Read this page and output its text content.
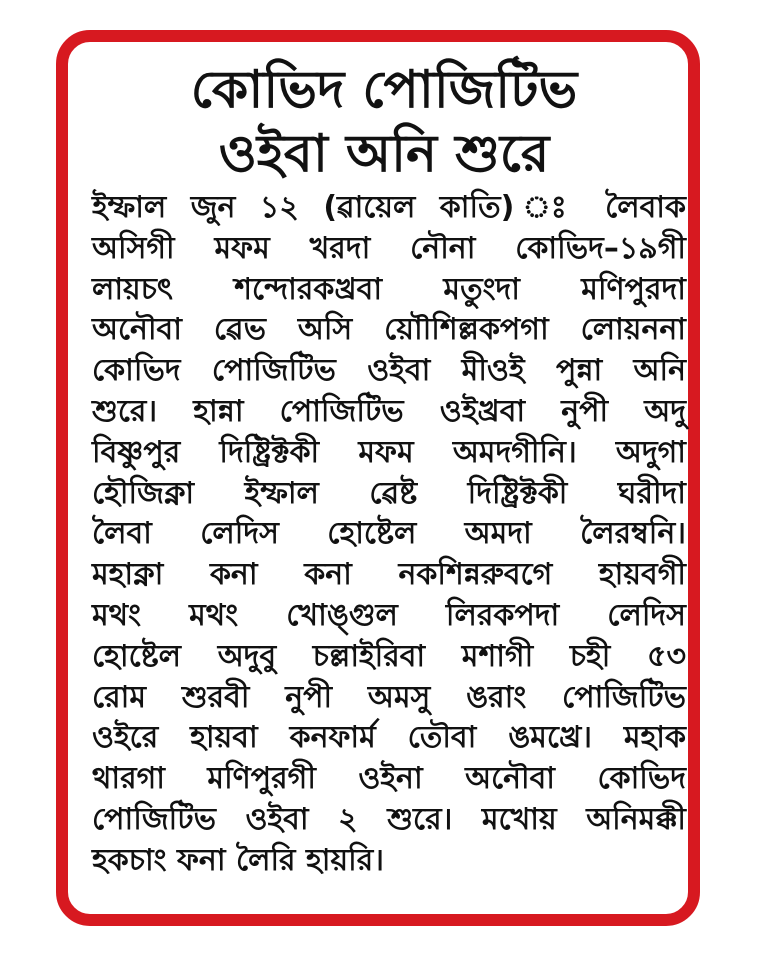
কোভিদ পোজিটিভ
ওইবা অনি শুরে
ইম্ফাল জুন ১২ (ৱায়েল কাতি) ঃ লৈবাক
অসিগী মফম খরদা নৌনা কোভিদ–১৯গী
লায়চৎ শন্দোরকখ্রবা মতুংদা মণিপুরদা
অনৌবা ৱেভ অসি য়োৗশিল্লকপগা লোয়ননা
কোভিদ পোজিটিভ ওইবা মীওই পুন্না অনি
শুরে। হান্না পোজিটিভ ওইখ্রবা নুপী অদু
বিষ্ণুপুর দিষ্ট্রিক্টকী মফম অমদগীনি। অদুগা
হৌজিক্না ইম্ফাল ৱেষ্ট দিষ্ট্রিক্টকী ঘরীদা
লৈবা লেদিস হোষ্টেল অমদা লৈরম্বনি।
মহাক্না কনা কনা নকশিন্নরুবগে হায়বগী
মথং মথং খোঙ্গুল লিরকপদা লেদিস
হোষ্টেল অদুবু চল্লাইরিবা মশাগী চহী ৫৩
রোম শুরবী নুপী অমসু ঙরাং পোজিটিভ
ওইরে হায়বা কনফার্ম তৌবা ঙমখ্রে। মহাক
থারগা মণিপুরগী ওইনা অনৌবা কোভিদ
পোজিটিভ ওইবা ২ শুরে। মখোয় অনিমক্কী
হকচাং ফনা লৈরি হায়রি।
